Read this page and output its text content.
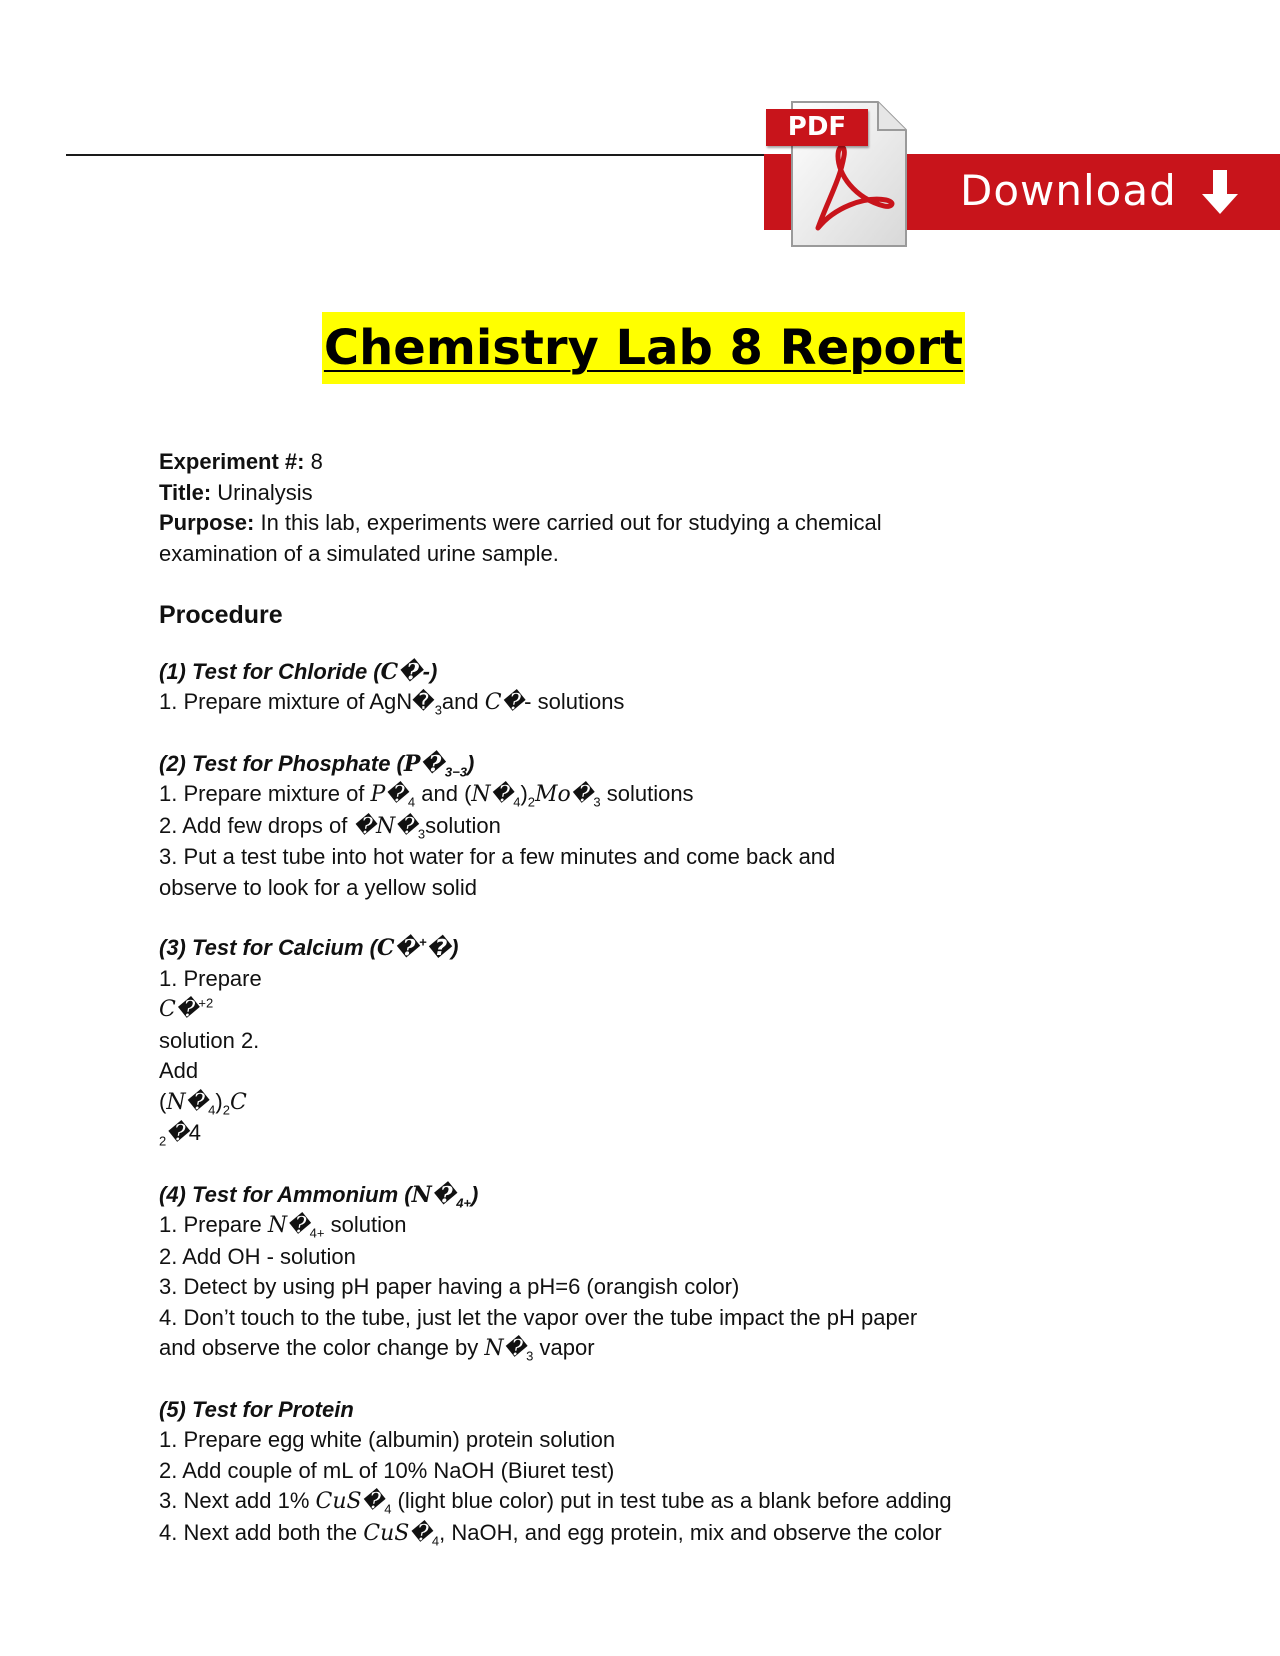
PDF
Download
Chemistry Lab 8 Report

Experiment #: 8

Title: Urinalysis

Purpose: In this lab, experiments were carried out for studying a chemical

examination of a simulated urine sample.

Procedure

(1) Test for Chloride (C�-)

1. Prepare mixture of $AgN�_3and$ C�- solutions

(2) Test for Phosphate $(P�_{3-3})$

1. Prepare mixture of $P�_4$ and $(N�_4)_2Mo�_3$ solutions

2. Add few drops of $�N�_3solution$

3. Put a test tube into hot water for a few minutes and come back and

observe to look for a yellow solid

(3) Test for Calcium (C�+�)

1. Prepare

C�$^{+2}$

solution 2.

Add

$(N�_4)_2C$

$_2$�4

(4) Test for Ammonium $(N�_{4+})$

1. Prepare $N�_{4+}$ solution

2. Add OH - solution

3. Detect by using pH paper having a pH=6 (orangish color)

4. Don’t touch to the tube, just let the vapor over the tube impact the pH paper

and observe the color change by $N�_3$ vapor

(5) Test for Protein

1. Prepare egg white (albumin) protein solution

2. Add couple of mL of 10% NaOH (Biuret test)

3. Next add 1% $CuS�_4$ (light blue color) put in test tube as a blank before adding

4. Next add both the $CuS�_4$, NaOH, and egg protein, mix and observe the color
